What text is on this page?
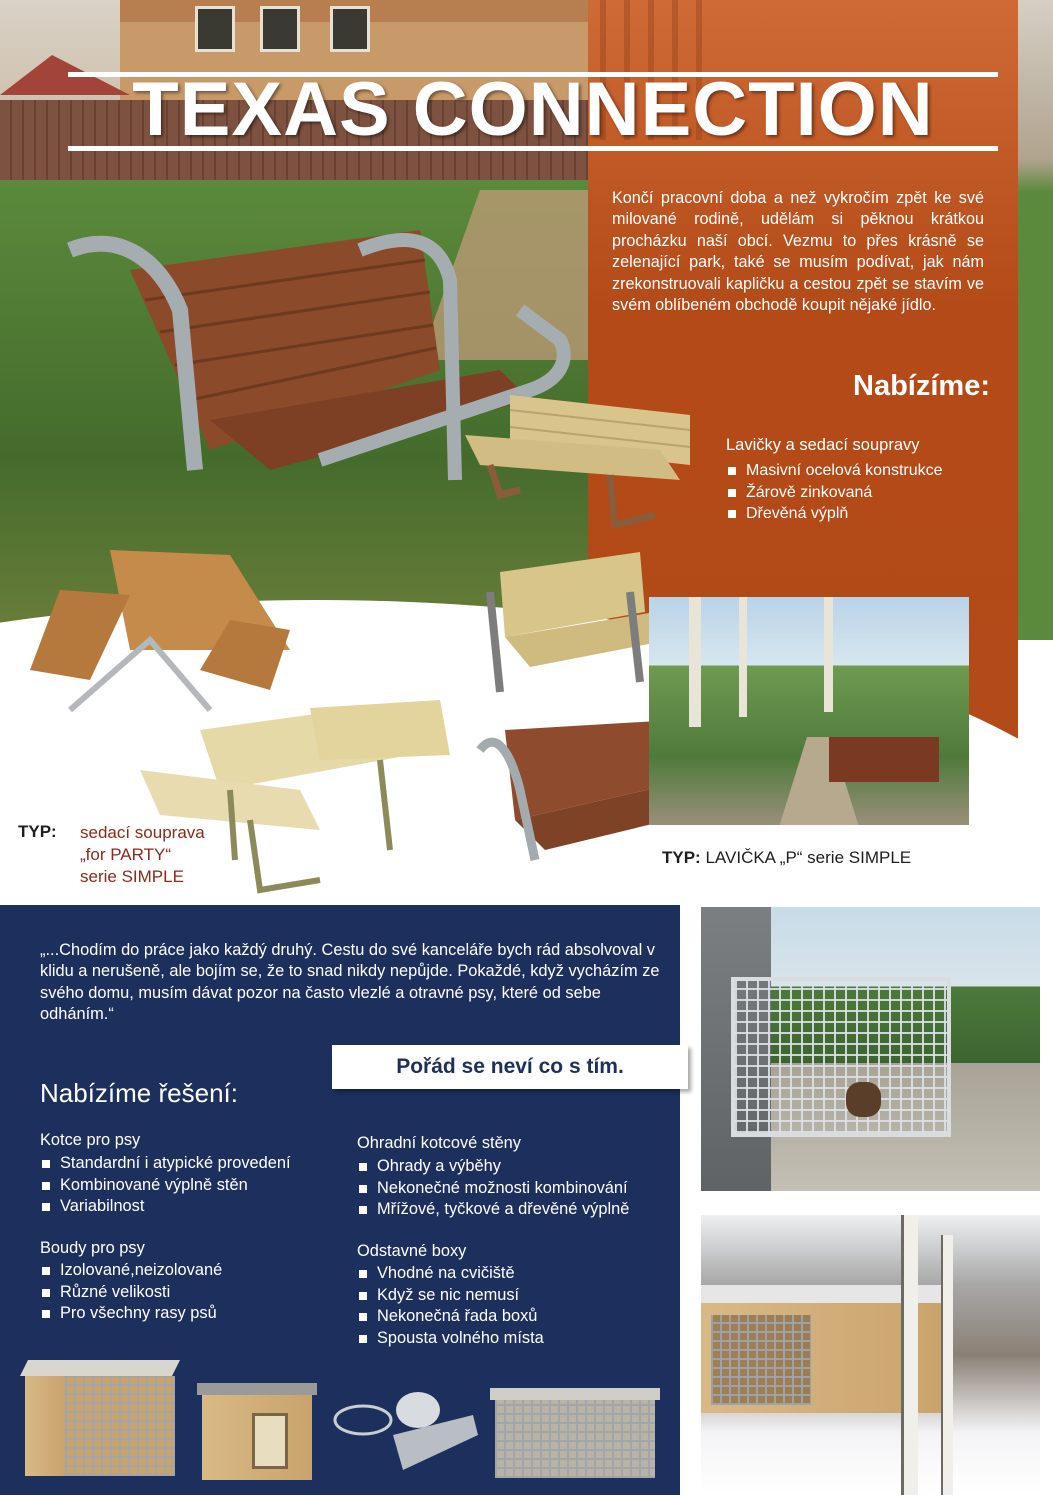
TEXAS CONNECTION

Končí pracovní doba a než vykročím zpět ke své milované rodině, udělám si pěknou krátkou procházku naší obcí. Vezmu to přes krásně se zelenající park, také se musím podívat, jak nám zrekonstruovali kapličku a cestou zpět se stavím ve svém oblíbeném obchodě koupit nějaké jídlo.

Nabízíme:

Lavičky a sedací soupravy

Masivní ocelová konstrukce
Žárově zinkovaná
Dřevěná výplň

TYP: sedací souprava
„for PARTY“
serie SIMPLE

TYP: LAVIČKA „P“ serie SIMPLE

„...Chodím do práce jako každý druhý. Cestu do své kanceláře bych rád absolvoval v klidu a nerušeně, ale bojím se, že to snad nikdy nepůjde. Pokaždé, když vycházím ze svého domu, musím dávat pozor na často vlezlé a otravné psy, které od sebe odháním.“

Pořád se neví co s tím.

Nabízíme řešení:

Kotce pro psy

Standardní i atypické provedení
Kombinované výplně stěn
Variabilnost

Boudy pro psy

Izolované,neizolované
Různé velikosti
Pro všechny rasy psů

Ohradní kotcové stěny

Ohrady a výběhy
Nekonečné možnosti kombinování
Mřížové, tyčkové a dřevěné výplně

Odstavné boxy

Vhodné na cvičiště
Když se nic nemusí
Nekonečná řada boxů
Spousta volného místa
